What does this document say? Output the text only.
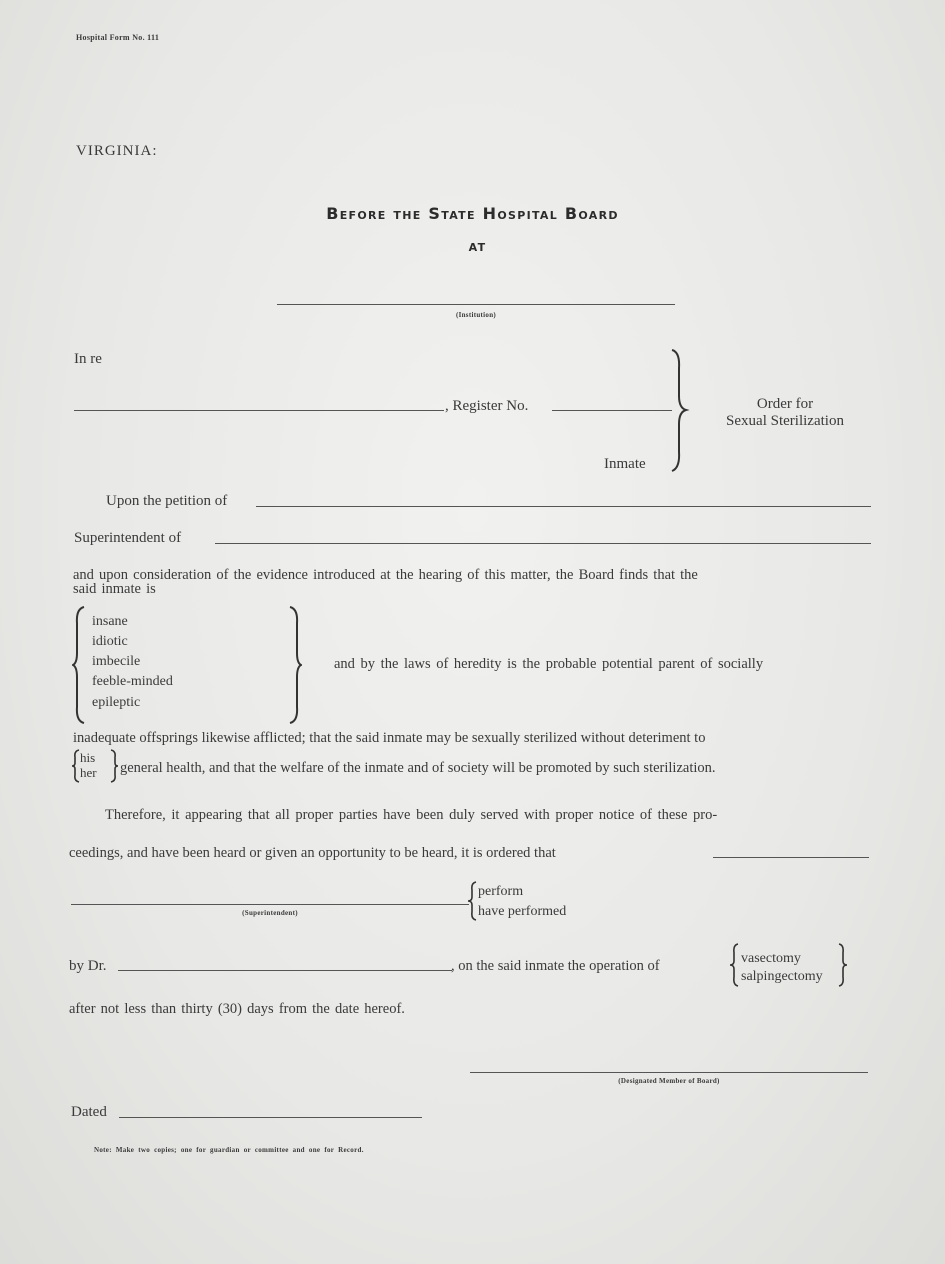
Hospital Form No. 111
VIRGINIA:
Before the State Hospital Board
AT
(Institution)
In re
, Register No.
Inmate
Order for
Sexual Sterilization
Upon the petition of
Superintendent of
and upon consideration of the evidence introduced at the hearing of this matter, the Board finds that the
said inmate is
insane
idiotic
imbecile
feeble-minded
epileptic
and by the laws of heredity is the probable potential parent of socially
inadequate offsprings likewise afflicted; that the said inmate may be sexually sterilized without deteriment to
his
her general health, and that the welfare of the inmate and of society will be promoted by such sterilization.
Therefore, it appearing that all proper parties have been duly served with proper notice of these pro-
ceedings, and have been heard or given an opportunity to be heard, it is ordered that
(Superintendent)
perform
have performed
by Dr.	, on the said inmate the operation of	vasectomy
salpingectomy
after not less than thirty (30) days from the date hereof.
(Designated Member of Board)
Dated
Note: Make two copies; one for guardian or committee and one for Record.
